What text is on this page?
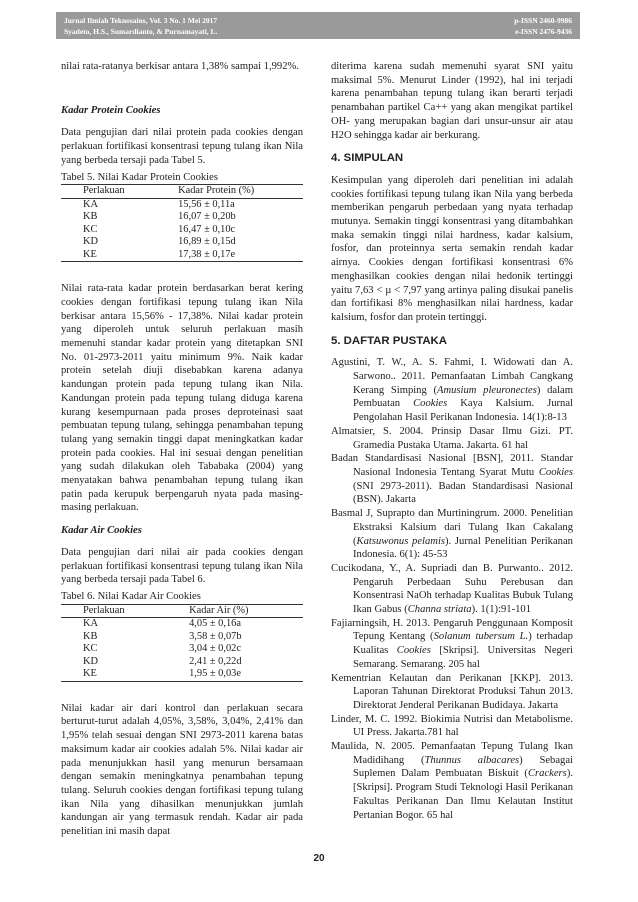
Jurnal Ilmiah Teknosains, Vol. 3 No. 1 Mei 2017
Syadeto, H.S., Sumardianto, & Purnamayati, L.
p-ISSN 2460-9986
e-ISSN 2476-9436

nilai rata-ratanya berkisar antara 1,38% sampai 1,992%.

Kadar Protein Cookies

Data pengujian dari nilai protein pada cookies dengan perlakuan fortifikasi konsentrasi tepung tulang ikan Nila yang berbeda tersaji pada Tabel 5.

Tabel 5. Nilai Kadar Protein Cookies
Perlakuan	Kadar Protein (%)
KA	15,56 ± 0,11a
KB	16,07 ± 0,20b
KC	16,47 ± 0,10c
KD	16,89 ± 0,15d
KE	17,38 ± 0,17e

Nilai rata-rata kadar protein berdasarkan berat kering cookies dengan fortifikasi tepung tulang ikan Nila berkisar antara 15,56% - 17,38%. Nilai kadar protein yang diperoleh untuk seluruh perlakuan masih memenuhi standar kadar protein yang ditetapkan SNI No. 01-2973-2011 yaitu minimum 9%. Naik kadar protein setelah diuji disebabkan karena adanya kandungan protein pada tepung tulang ikan Nila. Kandungan protein pada tepung tulang diduga karena kurang kesempurnaan pada proses deproteinasi saat pembuatan tepung tulang, sehingga penambahan tepung tulang yang semakin tinggi dapat meningkatkan kadar protein pada cookies. Hal ini sesuai dengan penelitian yang sudah dilakukan oleh Tababaka (2004) yang menyatakan bahwa penambahan tepung tulang ikan patin pada kerupuk berpengaruh nyata pada masing-masing perlakuan.

Kadar Air Cookies

Data pengujian dari nilai air pada cookies dengan perlakuan fortifikasi konsentrasi tepung tulang ikan Nila yang berbeda tersaji pada Tabel 6.

Tabel 6. Nilai Kadar Air Cookies
Perlakuan	Kadar Air (%)
KA	4,05 ± 0,16a
KB	3,58 ± 0,07b
KC	3,04 ± 0,02c
KD	2,41 ± 0,22d
KE	1,95 ± 0,03e

Nilai kadar air dari kontrol dan perlakuan secara berturut-turut adalah 4,05%, 3,58%, 3,04%, 2,41% dan 1,95% telah sesuai dengan SNI 2973-2011 karena batas maksimum kadar air cookies adalah 5%. Nilai kadar air pada menunjukkan hasil yang menurun bersamaan dengan semakin meningkatnya penambahan tepung tulang. Seluruh cookies dengan fortifikasi tepung tulang ikan Nila yang dihasilkan menunjukkan jumlah kandungan air yang termasuk rendah. Kadar air pada penelitian ini masih dapat

diterima karena sudah memenuhi syarat SNI yaitu maksimal 5%. Menurut Linder (1992), hal ini terjadi karena penambahan tepung tulang ikan berarti terjadi penambahan partikel Ca++ yang akan mengikat partikel OH- yang merupakan bagian dari unsur-unsur air atau H2O sehingga kadar air berkurang.

4. SIMPULAN

Kesimpulan yang diperoleh dari penelitian ini adalah cookies fortifikasi tepung tulang ikan Nila yang berbeda memberikan pengaruh perbedaan yang nyata terhadap mutunya. Semakin tinggi konsentrasi yang ditambahkan maka semakin tinggi nilai hardness, kadar kalsium, fosfor, dan proteinnya serta semakin rendah kadar airnya. Cookies dengan fortifikasi konsentrasi 6% menghasilkan cookies dengan nilai hedonik tertinggi yaitu 7,63 < µ < 7,97 yang artinya paling disukai panelis dan fortifikasi 8% menghasilkan nilai hardness, kadar kalsium, fosfor dan protein tertinggi.

5. DAFTAR PUSTAKA

Agustini, T. W., A. S. Fahmi, I. Widowati dan A. Sarwono.. 2011. Pemanfaatan Limbah Cangkang Kerang Simping (Amusium pleuronectes) dalam Pembuatan Cookies Kaya Kalsium. Jurnal Pengolahan Hasil Perikanan Indonesia. 14(1):8-13

Almatsier, S. 2004. Prinsip Dasar Ilmu Gizi. PT. Gramedia Pustaka Utama. Jakarta. 61 hal

Badan Standardisasi Nasional [BSN], 2011. Standar Nasional Indonesia Tentang Syarat Mutu Cookies (SNI 2973-2011). Badan Standardisasi Nasional (BSN). Jakarta

Basmal J, Suprapto dan Murtiningrum. 2000. Penelitian Ekstraksi Kalsium dari Tulang Ikan Cakalang (Katsuwonus pelamis). Jurnal Penelitian Perikanan Indonesia. 6(1): 45-53

Cucikodana, Y., A. Supriadi dan B. Purwanto.. 2012. Pengaruh Perbedaan Suhu Perebusan dan Konsentrasi NaOh terhadap Kualitas Bubuk Tulang Ikan Gabus (Channa striata). 1(1):91-101

Fajiarningsih, H. 2013. Pengaruh Penggunaan Komposit Tepung Kentang (Solanum tubersum L.) terhadap Kualitas Cookies [Skripsi]. Universitas Negeri Semarang. Semarang. 205 hal

Kementrian Kelautan dan Perikanan [KKP]. 2013. Laporan Tahunan Direktorat Produksi Tahun 2013. Direktorat Jenderal Perikanan Budidaya. Jakarta

Linder, M. C. 1992. Biokimia Nutrisi dan Metabolisme. UI Press. Jakarta.781 hal

Maulida, N. 2005. Pemanfaatan Tepung Tulang Ikan Madidihang (Thunnus albacares) Sebagai Suplemen Dalam Pembuatan Biskuit (Crackers). [Skripsi]. Program Studi Teknologi Hasil Perikanan Fakultas Perikanan Dan Ilmu Kelautan Institut Pertanian Bogor. 65 hal

20
